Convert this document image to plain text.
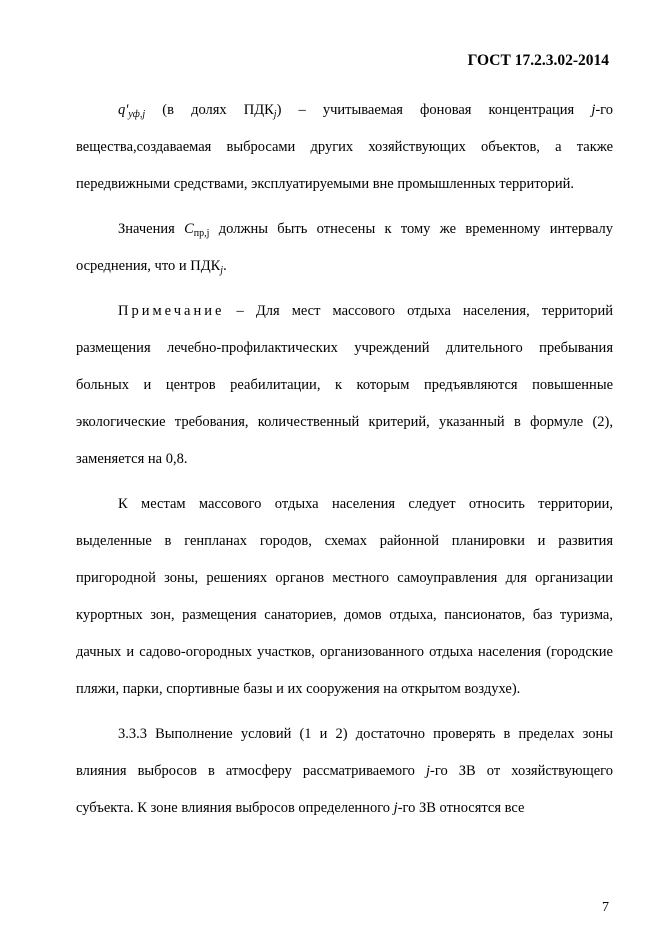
ГОСТ 17.2.3.02-2014

$q'_{уф,j}$ (в долях $ПДК_j$) – учитываемая фоновая концентрация j-го вещества,создаваемая выбросами других хозяйствующих объектов, а также передвижными средствами, эксплуатируемыми вне промышленных территорий.

Значения $С_{пр,j}$ должны быть отнесены к тому же временному интервалу осреднения, что и $ПДК_j$.

Примечание – Для мест массового отдыха населения, территорий размещения лечебно-профилактических учреждений длительного пребывания больных и центров реабилитации, к которым предъявляются повышенные экологические требования, количественный критерий, указанный в формуле (2), заменяется на 0,8.

К местам массового отдыха населения следует относить территории, выделенные в генпланах городов, схемах районной планировки и развития пригородной зоны, решениях органов местного самоуправления для организации курортных зон, размещения санаториев, домов отдыха, пансионатов, баз туризма, дачных и садово-огородных участков, организованного отдыха населения (городские пляжи, парки, спортивные базы и их сооружения на открытом воздухе).

3.3.3 Выполнение условий (1 и 2) достаточно проверять в пределах зоны влияния выбросов в атмосферу рассматриваемого j-го ЗВ от хозяйствующего субъекта. К зоне влияния выбросов определенного j-го ЗВ относятся все

7
